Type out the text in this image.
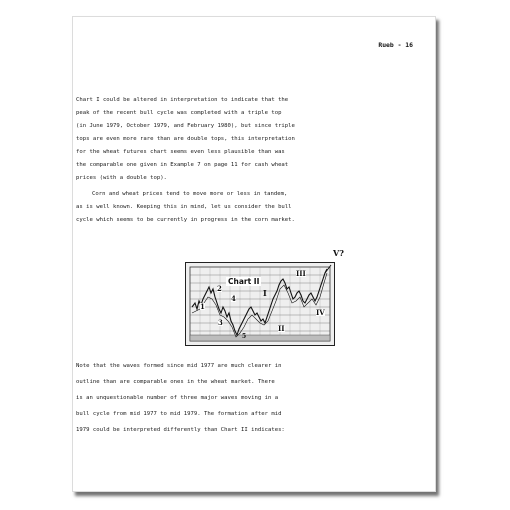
Rueb - 16
Chart I could be altered in interpretation to indicate that the
peak of the recent bull cycle was completed with a triple top
(in June 1979, October 1979, and February 1980), but since triple
tops are even more rare than are double tops, this interpretation
for the wheat futures chart seems even less plausible than was
the comparable one given in Example 7 on page 11 for cash wheat
prices (with a double top).
Corn and wheat prices tend to move more or less in tandem,
as is well known. Keeping this in mind, let us consider the bull
cycle which seems to be currently in progress in the corn market.
Chart II
2
1
4
3
5
I
II
III
IV
V?
Note that the waves formed since mid 1977 are much clearer in
outline than are comparable ones in the wheat market. There
is an unquestionable number of three major waves moving in a
bull cycle from mid 1977 to mid 1979. The formation after mid
1979 could be interpreted differently than Chart II indicates:
